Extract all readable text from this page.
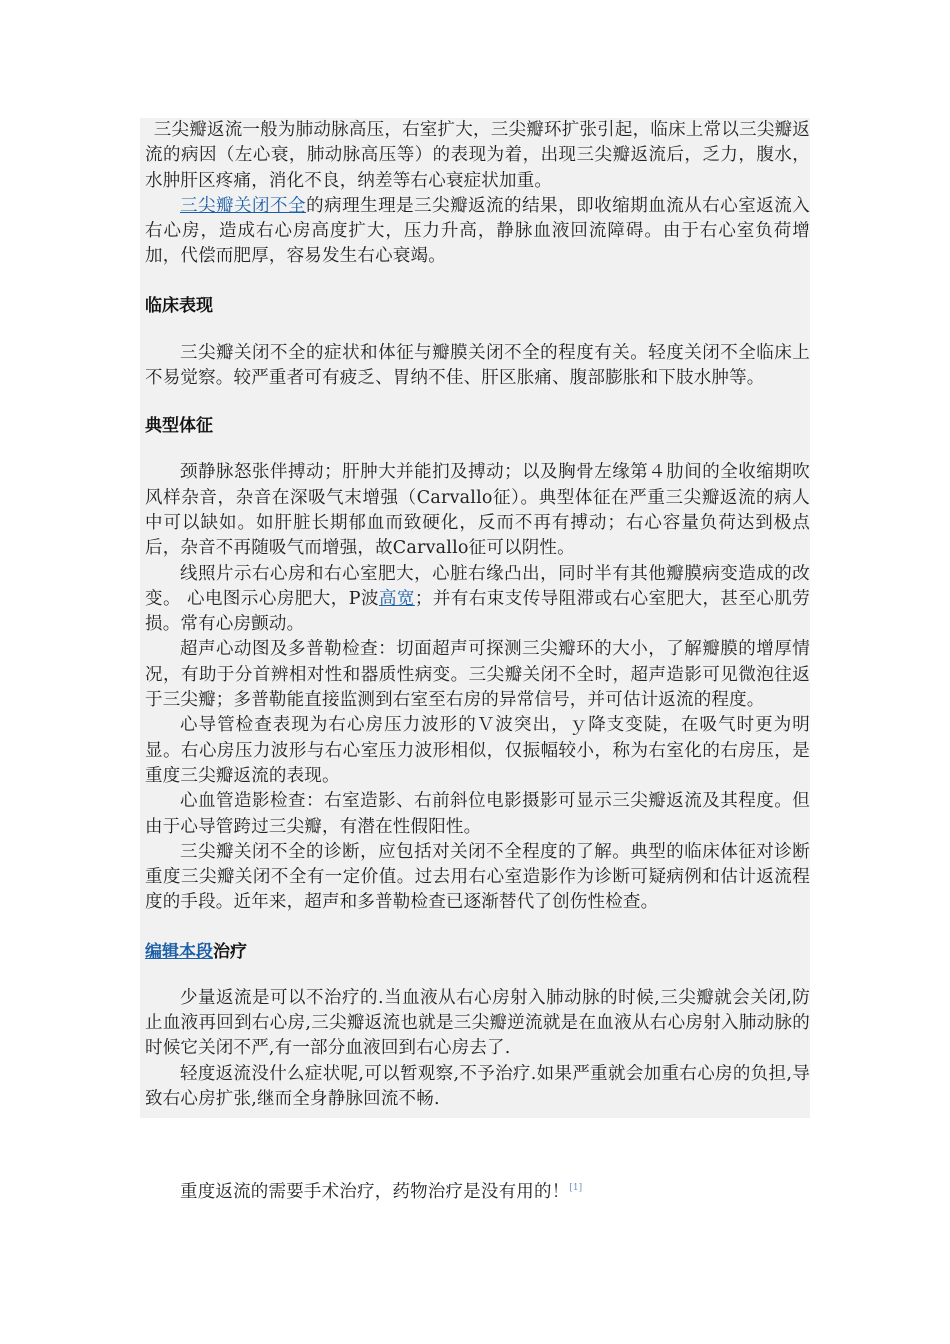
三尖瓣返流一般为肺动脉高压，右室扩大，三尖瓣环扩张引起，临床上常以三尖瓣返流的病因（左心衰，肺动脉高压等）的表现为着，出现三尖瓣返流后，乏力，腹水，水肿肝区疼痛，消化不良，纳差等右心衰症状加重。

三尖瓣关闭不全的病理生理是三尖瓣返流的结果，即收缩期血流从右心室返流入右心房，造成右心房高度扩大，压力升高，静脉血液回流障碍。由于右心室负荷增加，代偿而肥厚，容易发生右心衰竭。

临床表现

三尖瓣关闭不全的症状和体征与瓣膜关闭不全的程度有关。轻度关闭不全临床上不易觉察。较严重者可有疲乏、胃纳不佳、肝区胀痛、腹部膨胀和下肢水肿等。

典型体征

颈静脉怒张伴搏动；肝肿大并能扪及搏动；以及胸骨左缘第４肋间的全收缩期吹风样杂音，杂音在深吸气末增强（Carvallo征）。典型体征在严重三尖瓣返流的病人中可以缺如。如肝脏长期郁血而致硬化，反而不再有搏动；右心容量负荷达到极点后，杂音不再随吸气而增强，故Carvallo征可以阴性。

线照片示右心房和右心室肥大，心脏右缘凸出，同时半有其他瓣膜病变造成的改变。 心电图示心房肥大，P波高宽；并有右束支传导阻滞或右心室肥大，甚至心肌劳损。常有心房颤动。

超声心动图及多普勒检查：切面超声可探测三尖瓣环的大小，了解瓣膜的增厚情况，有助于分首辨相对性和器质性病变。三尖瓣关闭不全时，超声造影可见微泡往返于三尖瓣；多普勒能直接监测到右室至右房的异常信号，并可估计返流的程度。

心导管检查表现为右心房压力波形的Ｖ波突出，ｙ降支变陡，在吸气时更为明显。右心房压力波形与右心室压力波形相似，仅振幅较小，称为右室化的右房压，是重度三尖瓣返流的表现。

心血管造影检查：右室造影、右前斜位电影摄影可显示三尖瓣返流及其程度。但由于心导管跨过三尖瓣，有潜在性假阳性。

三尖瓣关闭不全的诊断，应包括对关闭不全程度的了解。典型的临床体征对诊断重度三尖瓣关闭不全有一定价值。过去用右心室造影作为诊断可疑病例和估计返流程度的手段。近年来，超声和多普勒检查已逐渐替代了创伤性检查。

编辑本段治疗

少量返流是可以不治疗的.当血液从右心房射入肺动脉的时候,三尖瓣就会关闭,防止血液再回到右心房,三尖瓣返流也就是三尖瓣逆流就是在血液从右心房射入肺动脉的时候它关闭不严,有一部分血液回到右心房去了.

轻度返流没什么症状呢,可以暂观察,不予治疗.如果严重就会加重右心房的负担,导致右心房扩张,继而全身静脉回流不畅.

重度返流的需要手术治疗，药物治疗是没有用的！[1]
